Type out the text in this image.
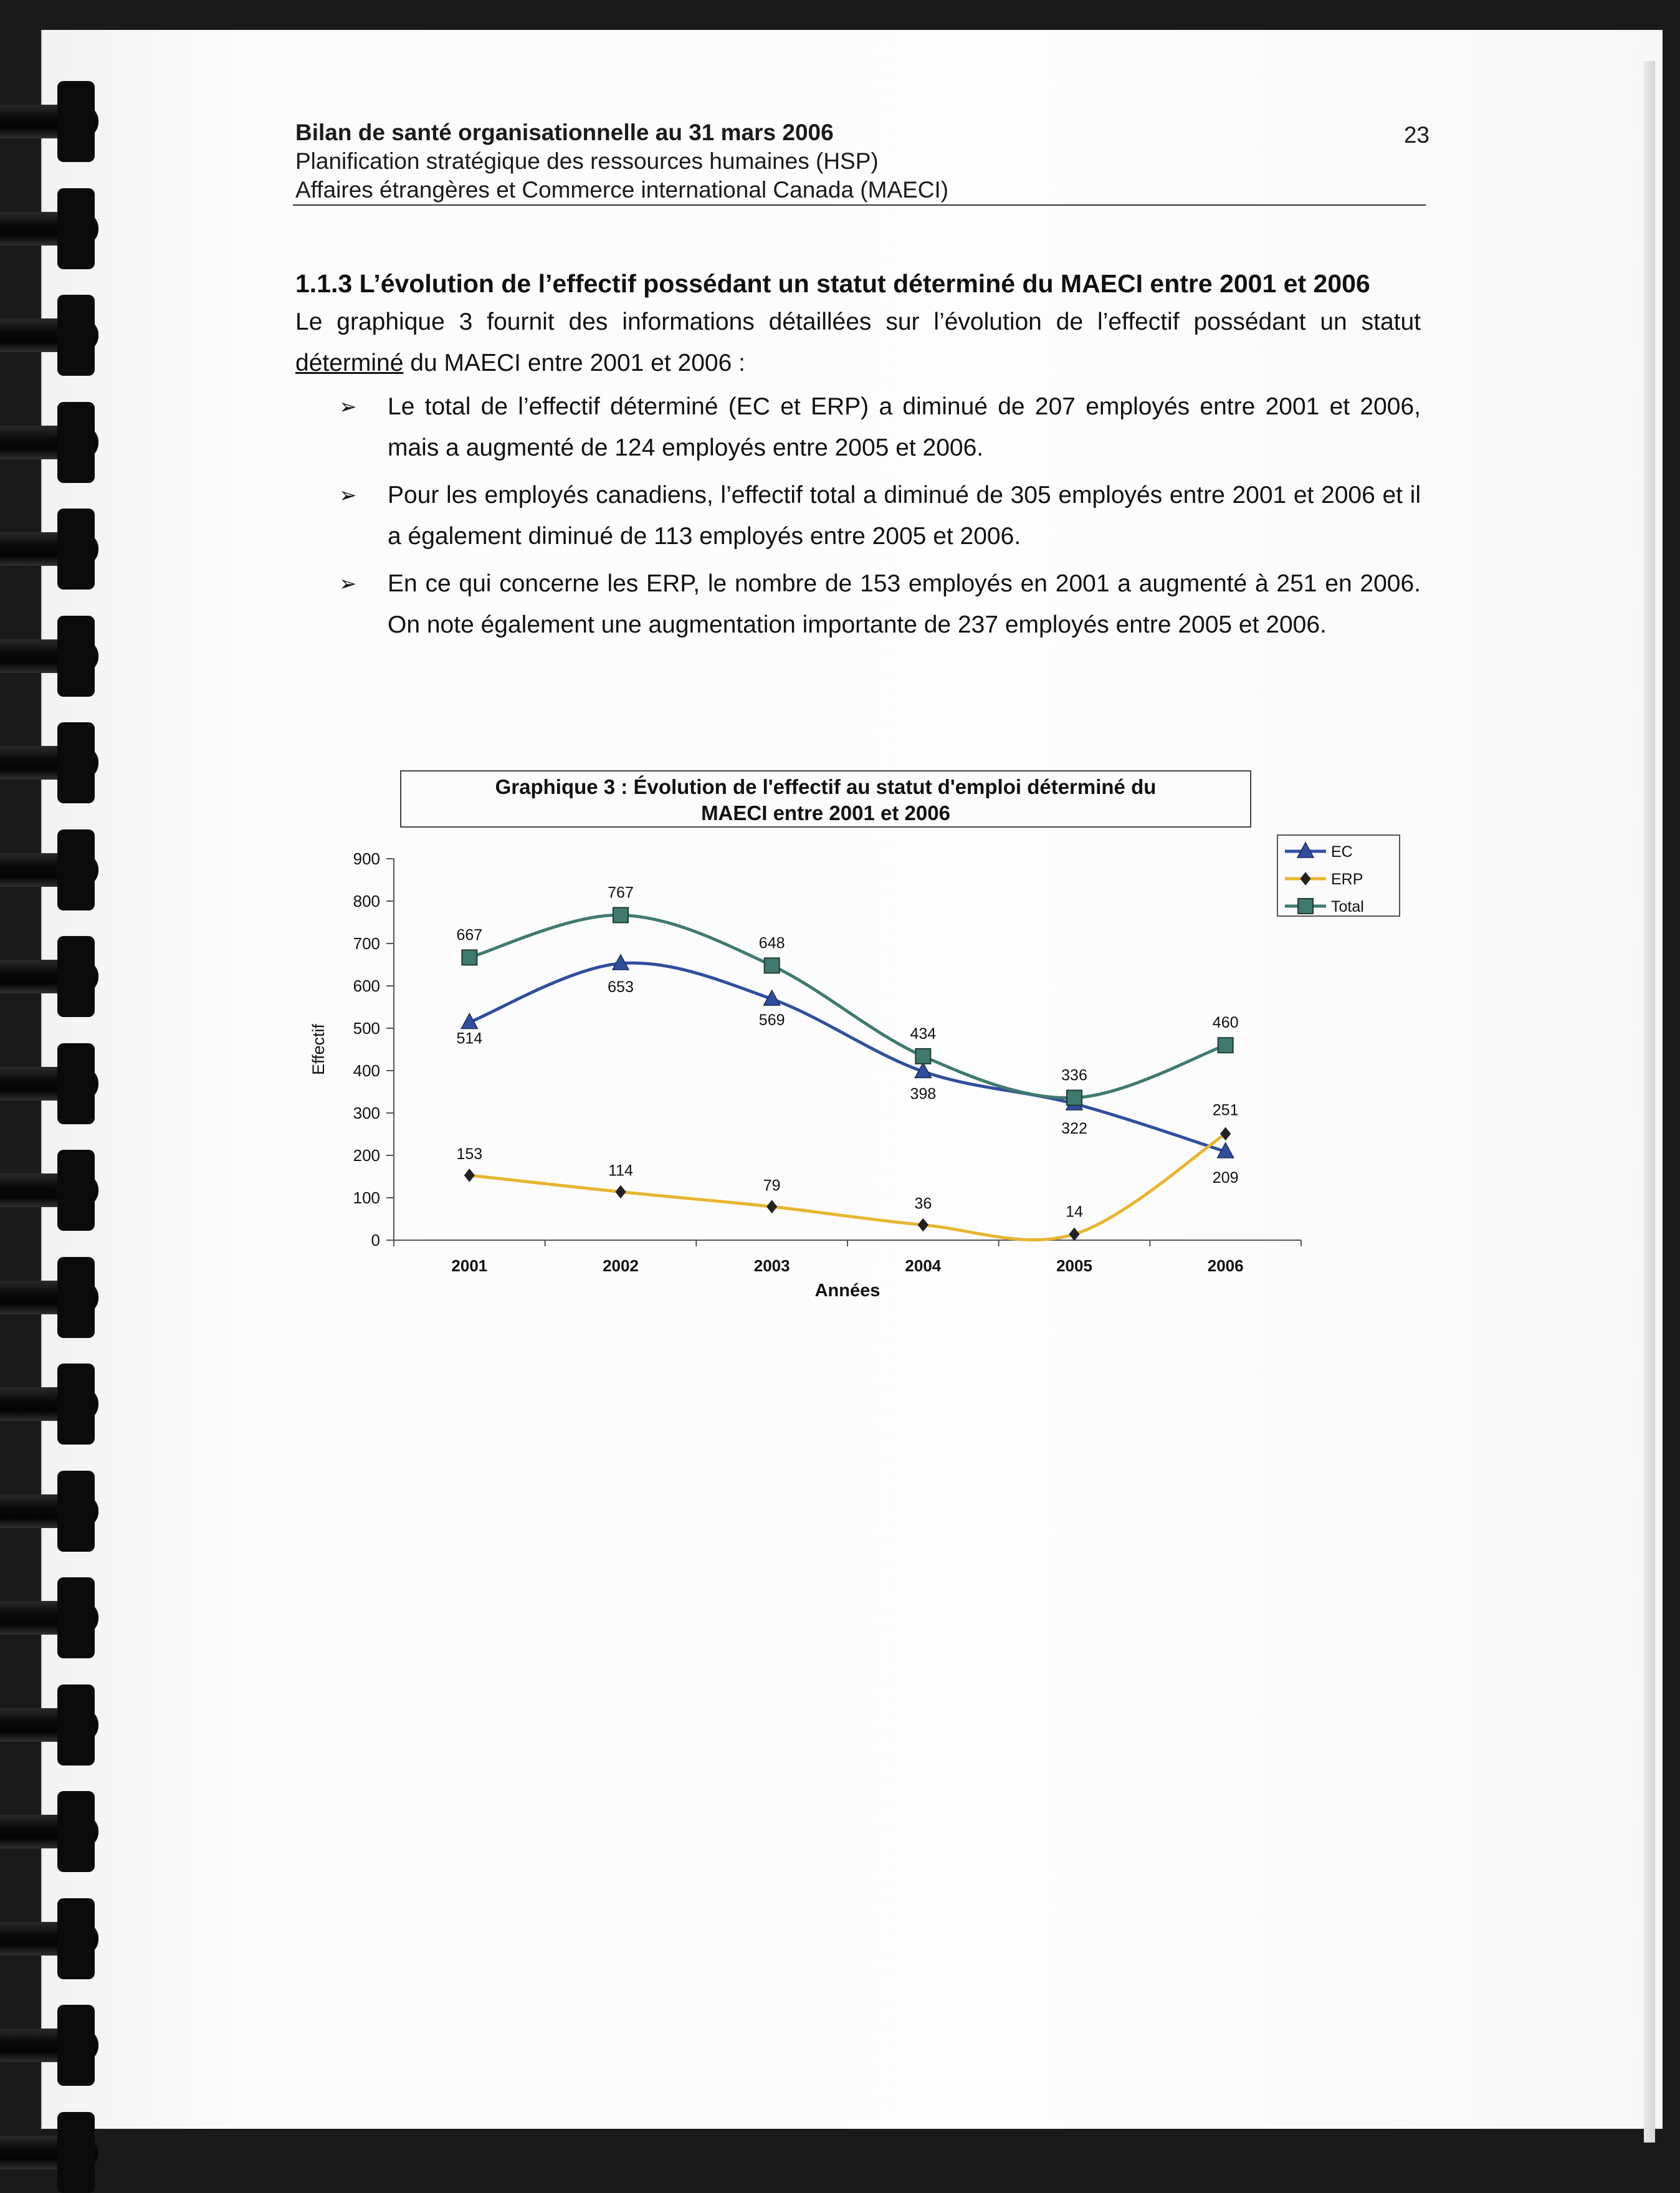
Bilan de santé organisationnelle au 31 mars 2006
Planification stratégique des ressources humaines (HSP)
Affaires étrangères et Commerce international Canada (MAECI)
23
1.1.3 L’évolution de l’effectif possédant un statut déterminé du MAECI entre 2001 et 2006
Le graphique 3 fournit des informations détaillées sur l’évolution de l’effectif possédant un statut déterminé du MAECI entre 2001 et 2006 :
➢ Le total de l’effectif déterminé (EC et ERP) a diminué de 207 employés entre 2001 et 2006, mais a augmenté de 124 employés entre 2005 et 2006.
➢ Pour les employés canadiens, l’effectif total a diminué de 305 employés entre 2001 et 2006 et il a également diminué de 113 employés entre 2005 et 2006.
➢ En ce qui concerne les ERP, le nombre de 153 employés en 2001 a augmenté à 251 en 2006. On note également une augmentation importante de 237 employés entre 2005 et 2006.
Graphique 3 : Évolution de l'effectif au statut d'emploi déterminé du
MAECI entre 2001 et 2006
0
100
200
300
400
500
600
700
800
900
2001	2002	2003	2004	2005	2006
Années
Effectif	514
653
569
398
322
209
153
114
79
36	14
251
667
767
648
434
336
460
EC
ERP
Total
